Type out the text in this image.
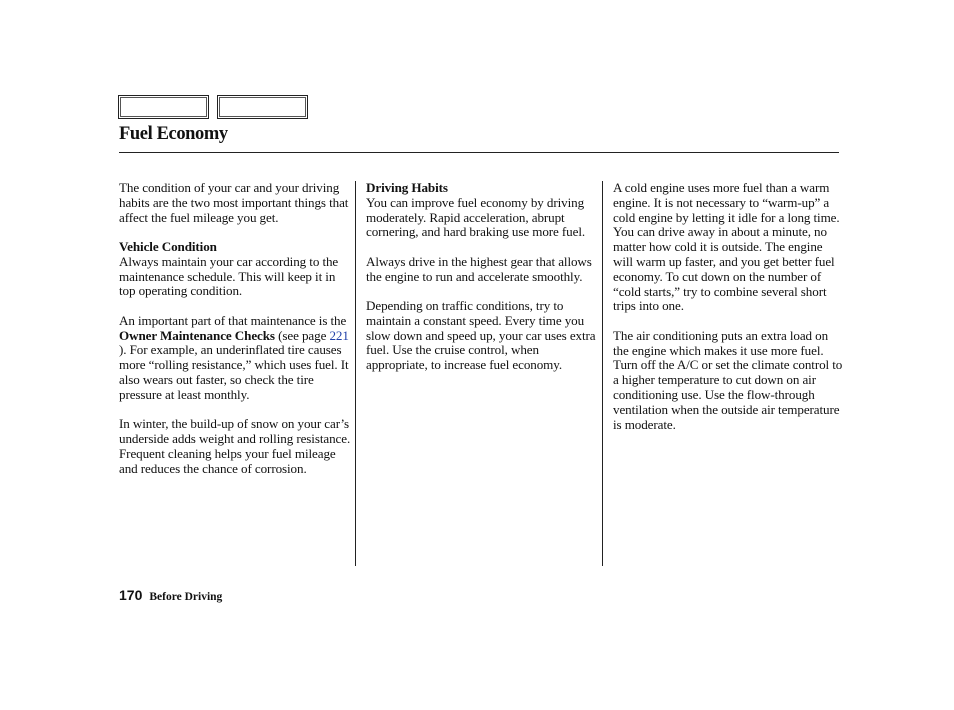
Fuel Economy

The condition of your car and your driving habits are the two most important things that affect the fuel mileage you get.

Vehicle Condition

Always maintain your car according to the maintenance schedule. This will keep it in top operating condition.

An important part of that maintenance is the Owner Maintenance Checks (see page 221 ). For example, an underinflated tire causes more “rolling resistance,” which uses fuel. It also wears out faster, so check the tire pressure at least monthly.

In winter, the build-up of snow on your car’s underside adds weight and rolling resistance. Frequent cleaning helps your fuel mileage and reduces the chance of corrosion.

Driving Habits

You can improve fuel economy by driving moderately. Rapid acceleration, abrupt cornering, and hard braking use more fuel.

Always drive in the highest gear that allows the engine to run and accelerate smoothly.

Depending on traffic conditions, try to maintain a constant speed. Every time you slow down and speed up, your car uses extra fuel. Use the cruise control, when appropriate, to increase fuel economy.

A cold engine uses more fuel than a warm engine. It is not necessary to “warm-up” a cold engine by letting it idle for a long time. You can drive away in about a minute, no matter how cold it is outside. The engine will warm up faster, and you get better fuel economy. To cut down on the number of “cold starts,” try to combine several short trips into one.

The air conditioning puts an extra load on the engine which makes it use more fuel. Turn off the A/C or set the climate control to a higher temperature to cut down on air conditioning use. Use the flow-through ventilation when the outside air temperature is moderate.

170 Before Driving
